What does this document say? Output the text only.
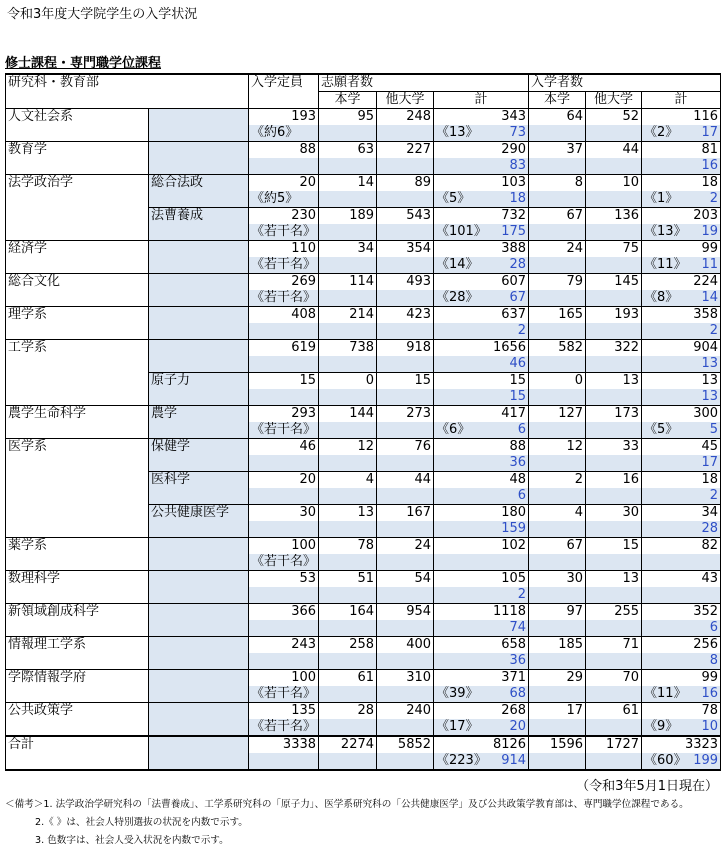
令和3年度大学院学生の入学状況
修士課程・専門職学位課程
研究科・教育部		入学定員	志願者数			入学者数		
			本学	他大学	計	本学	他大学	計
人文社会系		193	95	248	343	64	52	116
		《約6》			《13》 73			《2》 17

教育学		88	63	227	290	37	44	81

					83			16

法学政治学	総合法政	20	14	89	103	8	10	18
		《約5》			《5》 18			《1》 2

	法曹養成	230	189	543	732	67	136	203
		《若干名》			《101》 175			《13》 19

経済学		110	34	354	388	24	75	99
		《若干名》			《14》 28			《11》 11

総合文化		269	114	493	607	79	145	224
		《若干名》			《28》 67			《8》 14

理学系		408	214	423	637	165	193	358

					2			2

工学系		619	738	918	1656	582	322	904

					46			13

	原子力	15	0	15	15	0	13	13

					15			13

農学生命科学	農学	293	144	273	417	127	173	300
		《若干名》			《6》 6			《5》 5

医学系	保健学	46	12	76	88	12	33	45

					36			17

	医科学	20	4	44	48	2	16	18

					6			2

	公共健康医学	30	13	167	180	4	30	34

					159			28

薬学系		100	78	24	102	67	15	82
		《若干名》			

数理科学		53	51	54	105	30	13	43

					2			

新領域創成科学		366	164	954	1118	97	255	352

					74			6

情報理工学系		243	258	400	658	185	71	256

					36			8

学際情報学府		100	61	310	371	29	70	99
		《若干名》			《39》 68			《11》 16

公共政策学		135	28	240	268	17	61	78
		《若干名》			《17》 20			《9》 10

合計		3338	2274	5852	8126	1596	1727	3323

					《223》 914			《60》 199
（令和3年5月1日現在）
＜備考＞1. 法学政治学研究科の「法曹養成」、工学系研究科の「原子力」、医学系研究科の「公共健康医学」及び公共政策学教育部は、専門職学位課程である。
2.《 》は、社会人特別選抜の状況を内数で示す。
3. 色数字は、社会人受入状況を内数で示す。
